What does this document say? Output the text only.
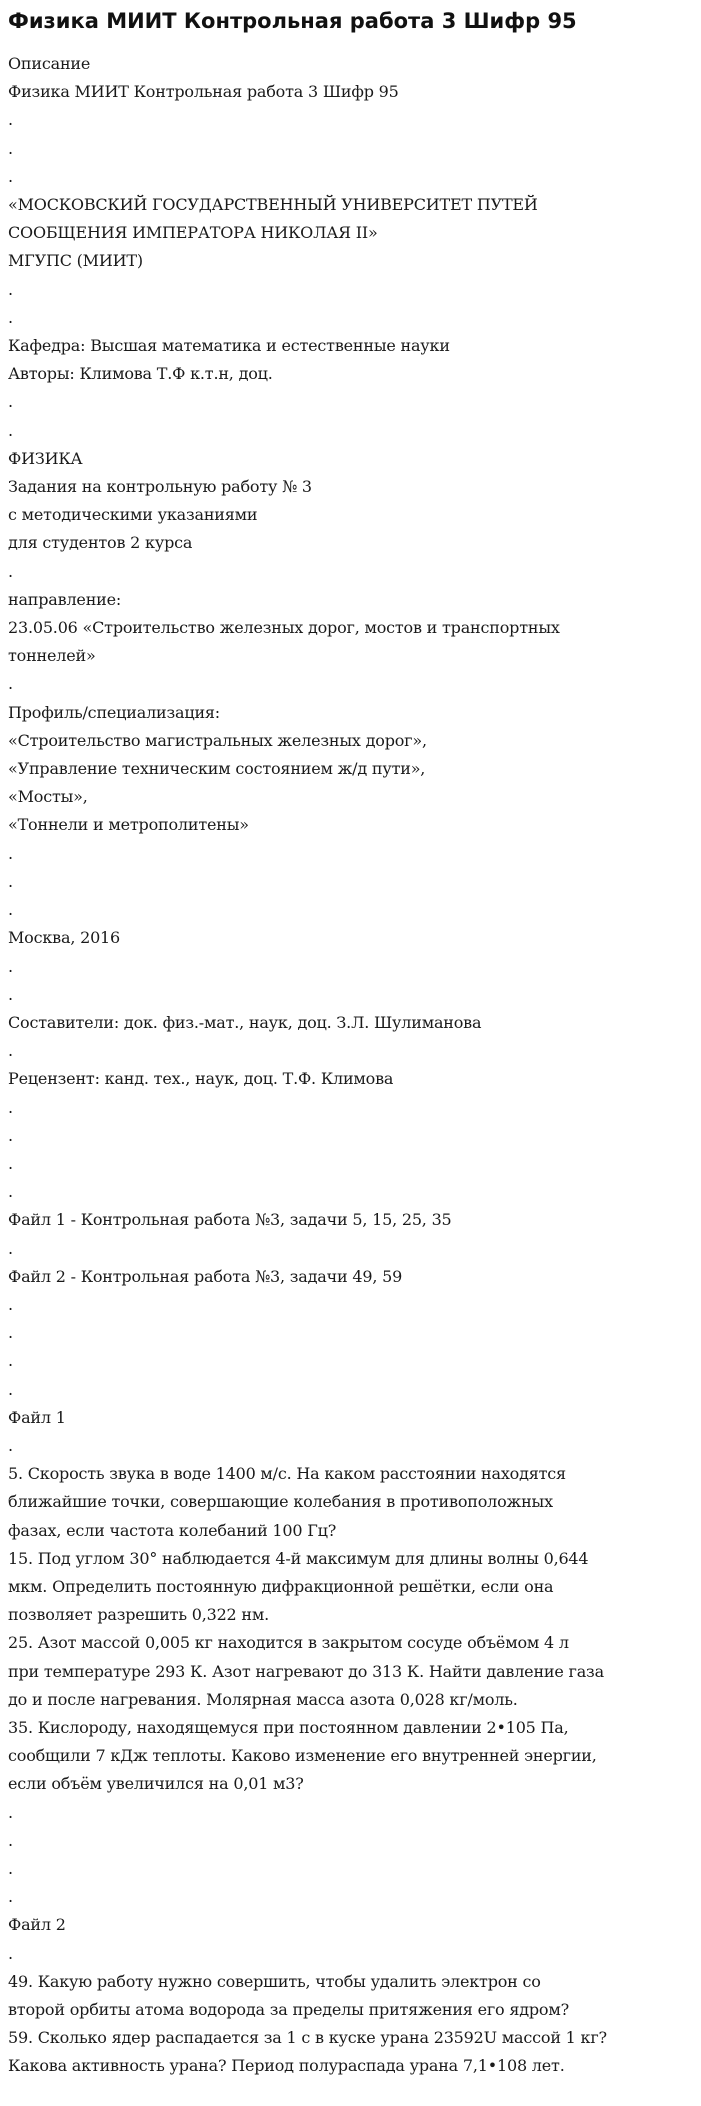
Физика МИИТ Контрольная работа 3 Шифр 95
Описание
Физика МИИТ Контрольная работа 3 Шифр 95
.
.
.
«МОСКОВСКИЙ ГОСУДАРСТВЕННЫЙ УНИВЕРСИТЕТ ПУТЕЙ
СООБЩЕНИЯ ИМПЕРАТОРА НИКОЛАЯ II»
МГУПС (МИИТ)
.
.
Кафедра: Высшая математика и естественные науки
Авторы: Климова Т.Ф к.т.н, доц.
.
.
ФИЗИКА
Задания на контрольную работу № 3
с методическими указаниями
для студентов 2 курса
.
направление:
23.05.06 «Строительство железных дорог, мостов и транспортных
тоннелей»
.
Профиль/специализация:
«Строительство магистральных железных дорог»,
«Управление техническим состоянием ж/д пути»,
«Мосты»,
«Тоннели и метрополитены»
.
.
.
Москва, 2016
.
.
Составители: док. физ.-мат., наук, доц. З.Л. Шулиманова
.
Рецензент: канд. тех., наук, доц. Т.Ф. Климова
.
.
.
.
Файл 1 - Контрольная работа №3, задачи 5, 15, 25, 35
.
Файл 2 - Контрольная работа №3, задачи 49, 59
.
.
.
.
Файл 1
.
5. Скорость звука в воде 1400 м/с. На каком расстоянии находятся
ближайшие точки, совершающие колебания в противоположных
фазах, если частота колебаний 100 Гц?
15. Под углом 30° наблюдается 4-й максимум для длины волны 0,644
мкм. Определить постоянную дифракционной решётки, если она
позволяет разрешить 0,322 нм.
25. Азот массой 0,005 кг находится в закрытом сосуде объёмом 4 л
при температуре 293 К. Азот нагревают до 313 К. Найти давление газа
до и после нагревания. Молярная масса азота 0,028 кг/моль.
35. Кислороду, находящемуся при постоянном давлении 2•105 Па,
сообщили 7 кДж теплоты. Каково изменение его внутренней энергии,
если объём увеличился на 0,01 м3?
.
.
.
.
Файл 2
.
49. Какую работу нужно совершить, чтобы удалить электрон со
второй орбиты атома водорода за пределы притяжения его ядром?
59. Сколько ядер распадается за 1 с в куске урана 23592U массой 1 кг?
Какова активность урана? Период полураспада урана 7,1•108 лет.
